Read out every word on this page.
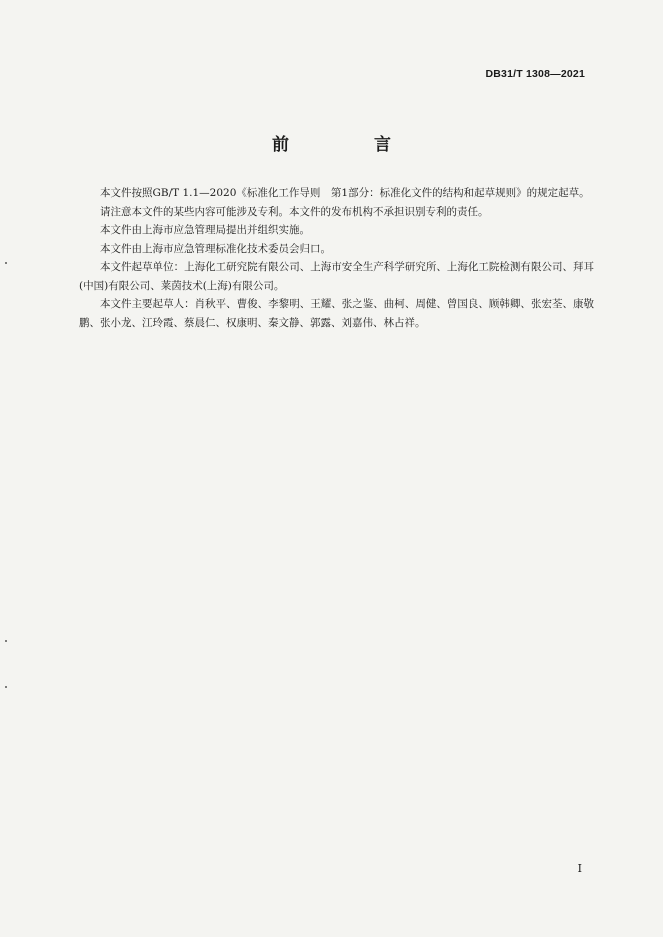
DB31/T 1308—2021
前　言

本文件按照GB/T 1.1—2020《标准化工作导则　第1部分：标准化文件的结构和起草规则》的规定起草。

请注意本文件的某些内容可能涉及专利。本文件的发布机构不承担识别专利的责任。

本文件由上海市应急管理局提出并组织实施。

本文件由上海市应急管理标准化技术委员会归口。

本文件起草单位：上海化工研究院有限公司、上海市安全生产科学研究所、上海化工院检测有限公司、拜耳(中国)有限公司、莱茵技术(上海)有限公司。

本文件主要起草人：肖秋平、曹俊、李黎明、王耀、张之鉴、曲柯、周健、曾国良、顾韩卿、张宏荃、康敬鹏、张小龙、江玲霞、蔡晨仁、权康明、秦文静、郭露、刘嘉伟、林占祥。

I
